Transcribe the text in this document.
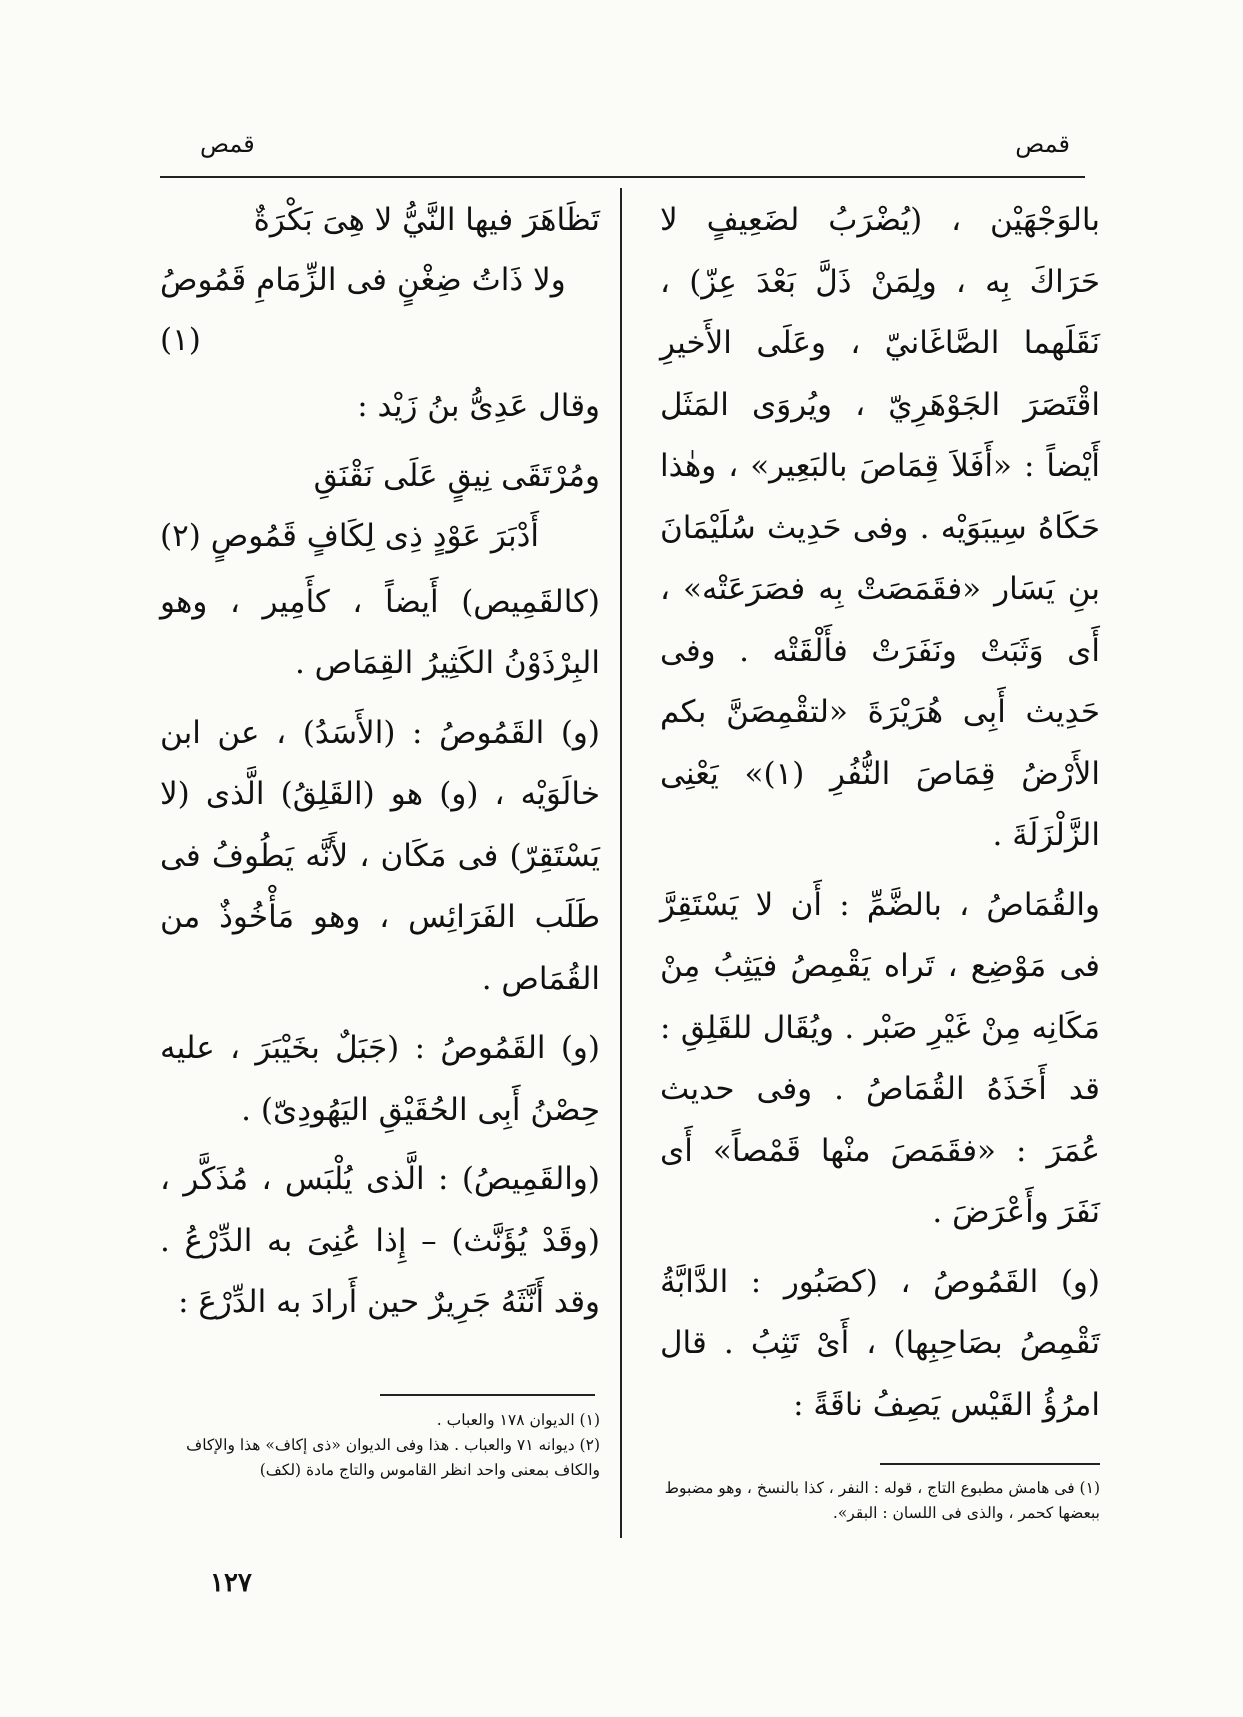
قمص	قمص

بالوَجْهَيْن ، (يُضْرَبُ لضَعِيفٍ لا حَرَاكَ بِه ، ولِمَنْ ذَلَّ بَعْدَ عِزّ) ، نَقَلَهما الصَّاغَانيّ ، وعَلَى الأَخيرِ اقْتَصَرَ الجَوْهَرِيّ ، ويُروَى المَثَل أَيْضاً : «أَفَلاَ قِمَاصَ بالبَعِير» ، وهٰذا حَكَاهُ سِيبَوَيْه . وفى حَدِيث سُلَيْمَانَ بنِ يَسَار «فقَمَصَتْ بِه فصَرَعَتْه» ، أَى وَثَبَتْ ونَفَرَتْ فأَلْقَتْه . وفى حَدِيث أَبِى هُرَيْرَةَ «لتقْمِصَنَّ بكم الأَرْضُ قِمَاصَ النُّفُرِ (١)» يَعْنِى الزَّلْزَلَةَ .

والقُمَاصُ ، بالضَّمِّ : أَن لا يَسْتَقِرَّ فى مَوْضِع ، تَراه يَقْمِصُ فيَثِبُ مِنْ مَكَانِه مِنْ غَيْرِ صَبْر . ويُقَال للقَلِقِ : قد أَخَذَهُ القُمَاصُ . وفى حديث عُمَرَ : «فقَمَصَ منْها قَمْصاً» أَى نَفَرَ وأَعْرَضَ .

(و) القَمُوصُ ، (كصَبُور : الدَّابَّةُ تَقْمِصُ بصَاحِبِها) ، أَىْ تَثِبُ . قال امرُؤُ القَيْس يَصِفُ ناقَةً :

تَظَاهَرَ فيها النَّيُّ لا هِىَ بَكْرَةٌ

ولا ذَاتُ ضِغْنٍ فى الزِّمَامِ قَمُوصُ (١)

وقال عَدِىُّ بنُ زَيْد :

ومُرْتَقَى نِيقٍ عَلَى نَقْنَقِ

أَدْبَرَ عَوْدٍ ذِى لِكَافٍ قَمُوصٍ (٢)

(كالقَمِيص) أَيضاً ، كأَمِير ، وهو البِرْذَوْنُ الكَثِيرُ القِمَاص .

(و) القَمُوصُ : (الأَسَدُ) ، عن ابن خالَوَيْه ، (و) هو (القَلِقُ) الَّذى (لا يَسْتَقِرّ) فى مَكَان ، لأَنَّه يَطُوفُ فى طَلَب الفَرَائِس ، وهو مَأْخُوذٌ من القُمَاص .

(و) القَمُوصُ : (جَبَلٌ بخَيْبَرَ ، عليه حِصْنُ أَبِى الحُقَيْقِ اليَهُودِىّ) .

(والقَمِيصُ) : الَّذى يُلْبَس ، مُذَكَّر ، (وقَدْ يُؤَنَّث) – إِذا عُنِىَ به الدِّرْعُ . وقد أَنَّثَهُ جَرِيرٌ حين أَرادَ به الدِّرْعَ :

(١) الديوان ١٧٨ والعباب .

(٢) ديوانه ٧١ والعباب . هذا وفى الديوان «ذى إكاف» هذا والإكاف والكاف بمعنى واحد انظر القاموس والتاج مادة (لكف)

(١) فى هامش مطبوع التاج ، قوله : النفر ، كذا بالنسخ ، وهو مضبوط ببعضها كحمر ، والذى فى اللسان : البقر».

١٢٧
